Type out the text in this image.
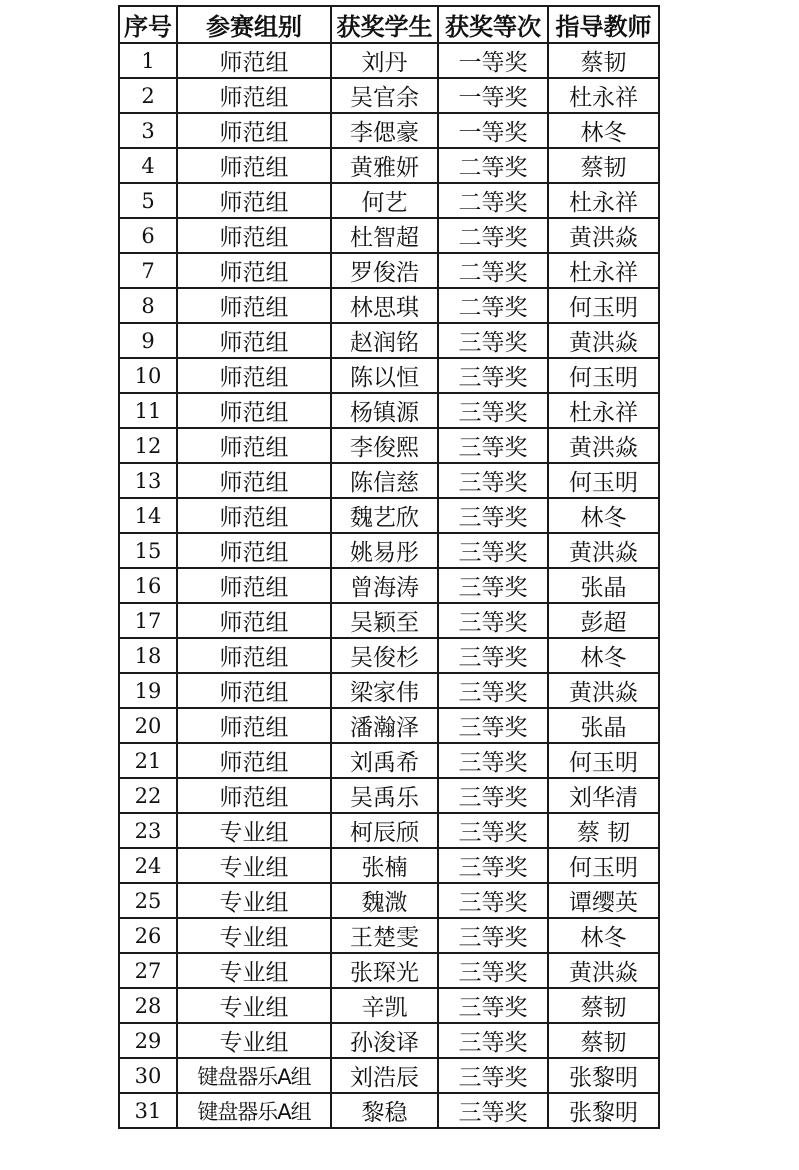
序号	参赛组别	获奖学生	获奖等次	指导教师
1	师范组	刘丹	一等奖	蔡韧
2	师范组	吴官余	一等奖	杜永祥
3	师范组	李偲豪	一等奖	林冬
4	师范组	黄雅妍	二等奖	蔡韧
5	师范组	何艺	二等奖	杜永祥
6	师范组	杜智超	二等奖	黄洪焱
7	师范组	罗俊浩	二等奖	杜永祥
8	师范组	林思琪	二等奖	何玉明
9	师范组	赵润铭	三等奖	黄洪焱
10	师范组	陈以恒	三等奖	何玉明
11	师范组	杨镇源	三等奖	杜永祥
12	师范组	李俊熙	三等奖	黄洪焱
13	师范组	陈信慈	三等奖	何玉明
14	师范组	魏艺欣	三等奖	林冬
15	师范组	姚易彤	三等奖	黄洪焱
16	师范组	曾海涛	三等奖	张晶
17	师范组	吴颖至	三等奖	彭超
18	师范组	吴俊杉	三等奖	林冬
19	师范组	梁家伟	三等奖	黄洪焱
20	师范组	潘瀚泽	三等奖	张晶
21	师范组	刘禹希	三等奖	何玉明
22	师范组	吴禹乐	三等奖	刘华清
23	专业组	柯辰颀	三等奖	蔡 韧
24	专业组	张楠	三等奖	何玉明
25	专业组	魏溦	三等奖	谭缨英
26	专业组	王楚雯	三等奖	林冬
27	专业组	张琛光	三等奖	黄洪焱
28	专业组	辛凯	三等奖	蔡韧
29	专业组	孙浚译	三等奖	蔡韧
30	键盘器乐A组	刘浩辰	三等奖	张黎明
31	键盘器乐A组	黎稳	三等奖	张黎明
